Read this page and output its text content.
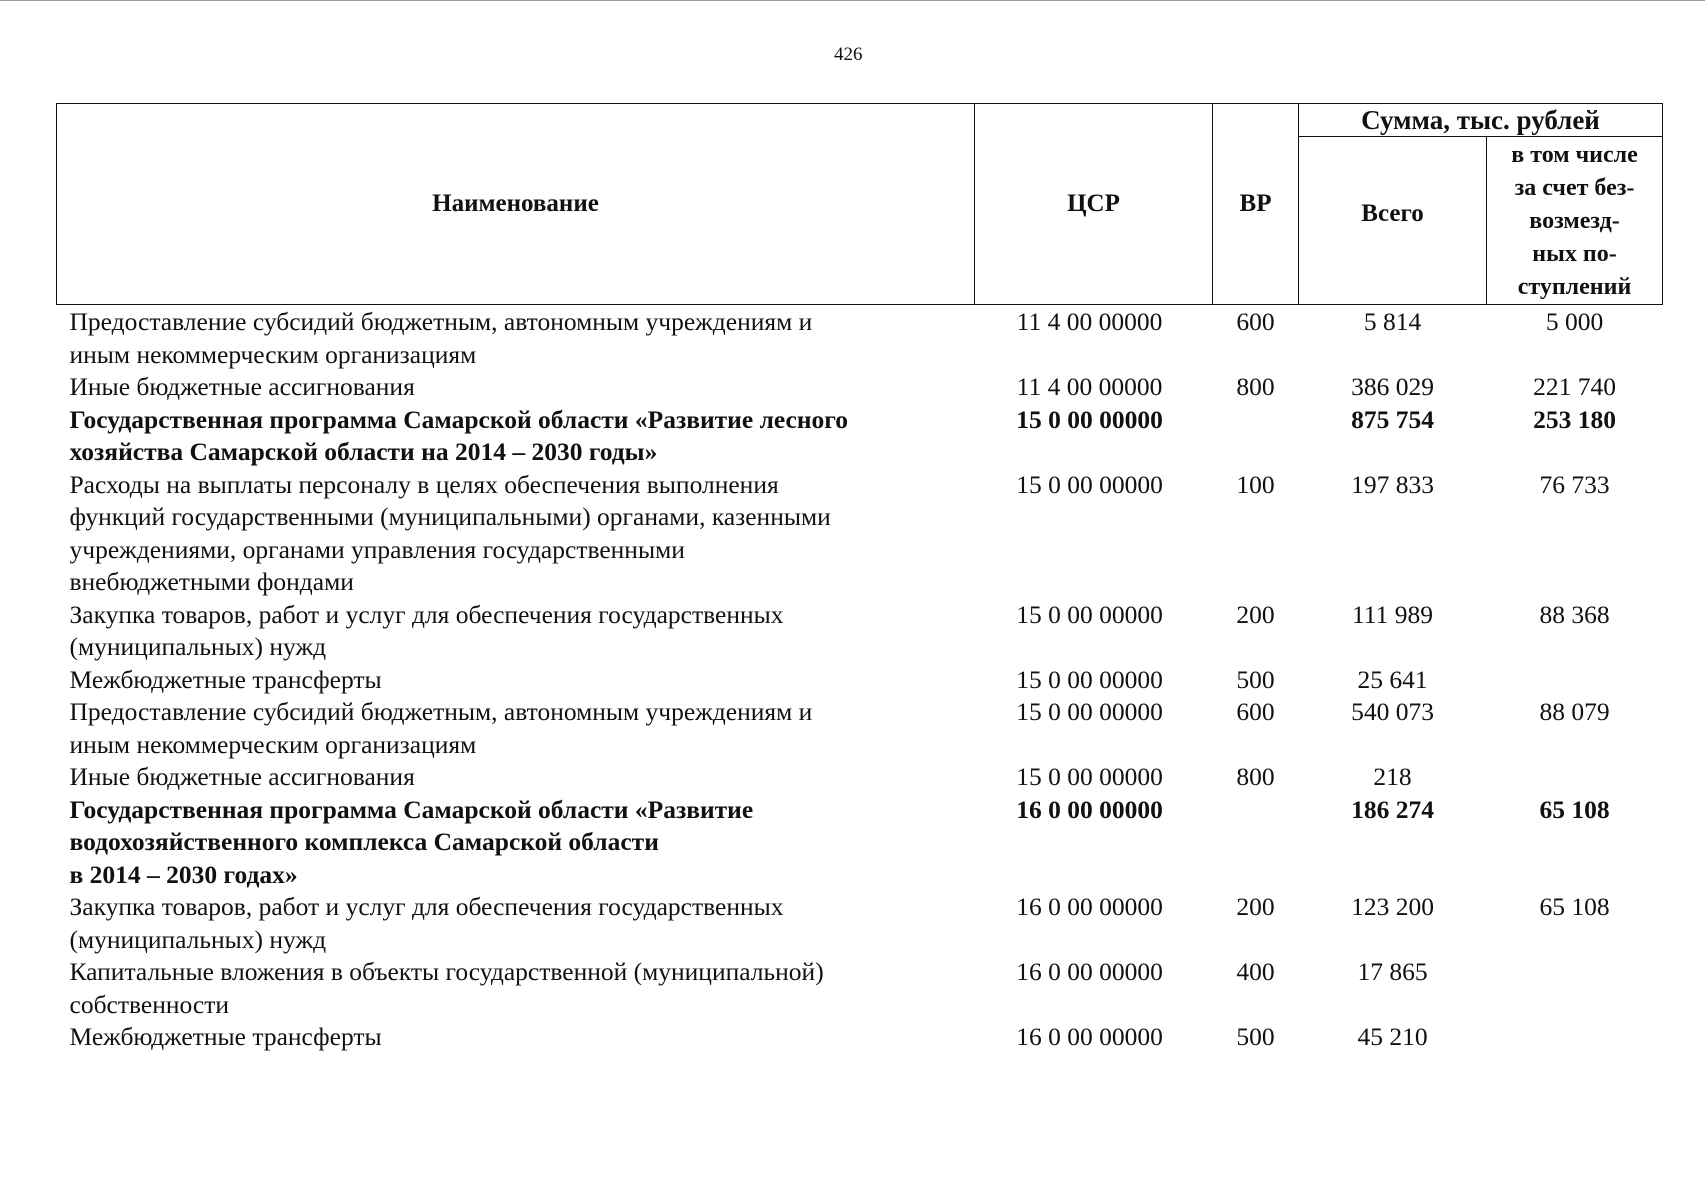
426
Наименование	ЦСР	ВР	Сумма, тыс. рублей	
			Всего	в том числе
за счет без-
возмезд-
ных по-
ступлений

Предоставление субсидий бюджетным, автономным учреждениям и
иным некоммерческим организациям	11 4 00 00000	600	5 814	5 000

Иные бюджетные ассигнования	11 4 00 00000	800	386 029	221 740

Государственная программа Самарской области «Развитие лесного
хозяйства Самарской области на 2014 – 2030 годы»	15 0 00 00000		875 754	253 180

Расходы на выплаты персоналу в целях обеспечения выполнения
функций государственными (муниципальными) органами, казенными
учреждениями, органами управления государственными
внебюджетными фондами	15 0 00 00000	100	197 833	76 733

Закупка товаров, работ и услуг для обеспечения государственных
(муниципальных) нужд	15 0 00 00000	200	111 989	88 368

Межбюджетные трансферты	15 0 00 00000	500	25 641	

Предоставление субсидий бюджетным, автономным учреждениям и
иным некоммерческим организациям	15 0 00 00000	600	540 073	88 079

Иные бюджетные ассигнования	15 0 00 00000	800	218	

Государственная программа Самарской области «Развитие
водохозяйственного комплекса Самарской области
в 2014 – 2030 годах»	16 0 00 00000		186 274	65 108

Закупка товаров, работ и услуг для обеспечения государственных
(муниципальных) нужд	16 0 00 00000	200	123 200	65 108

Капитальные вложения в объекты государственной (муниципальной)
собственности	16 0 00 00000	400	17 865	

Межбюджетные трансферты	16 0 00 00000	500	45 210	
